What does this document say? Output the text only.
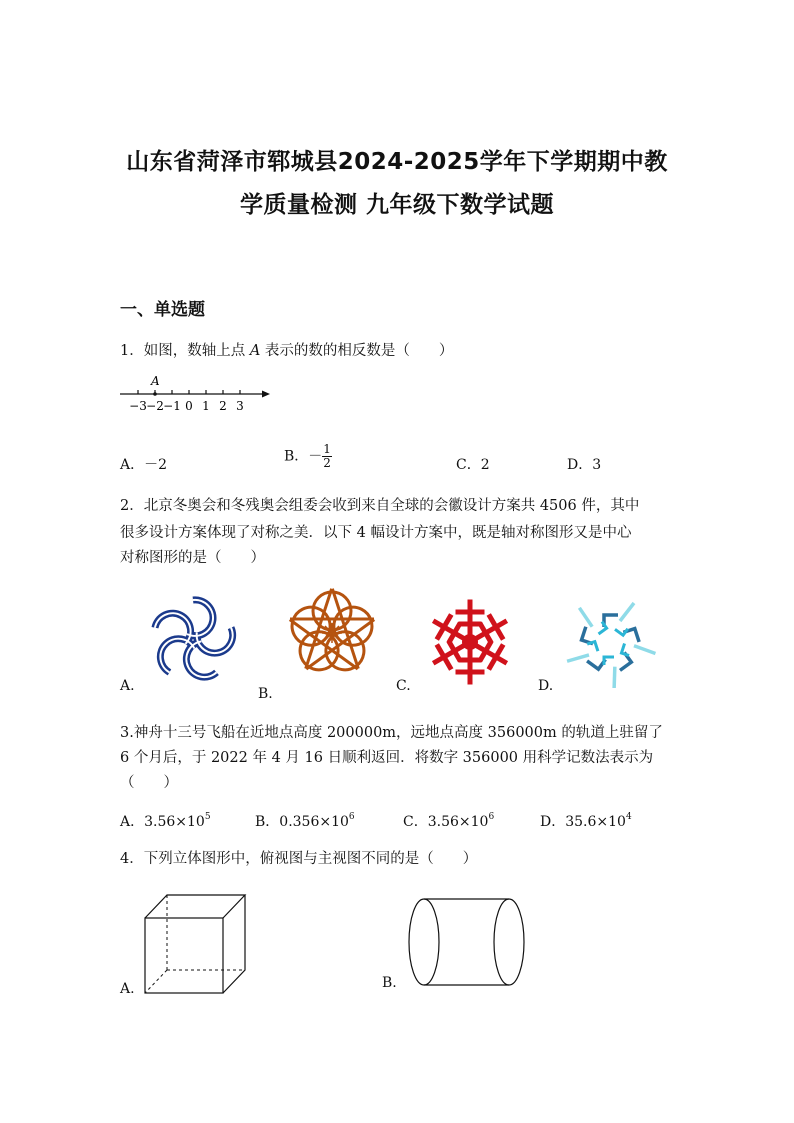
山东省菏泽市郓城县2024-2025学年下学期期中教
学质量检测 九年级下数学试题
一、单选题
1．如图，数轴上点 A 表示的数的相反数是（　　）
A
−3 −2 −1 0 1 2 3
A．－2
B．－ $\frac{1}{2}$	C．2	D．3
2．北京冬奥会和冬残奥会组委会收到来自全球的会徽设计方案共 4506 件，其中
很多设计方案体现了对称之美．以下 4 幅设计方案中，既是轴对称图形又是中心
对称图形的是（　　）
A.	B.	C.	D.
3.神舟十三号飞船在近地点高度 200000m，远地点高度 356000m 的轨道上驻留了
6 个月后，于 2022 年 4 月 16 日顺利返回．将数字 356000 用科学记数法表示为
（　　）
A．$3.56\times 10^5$	B．$0.356\times 10^6$	C．$3.56\times 10^6$	D．$35.6\times 10^4$
4．下列立体图形中，俯视图与主视图不同的是（　　）
A.	B.
